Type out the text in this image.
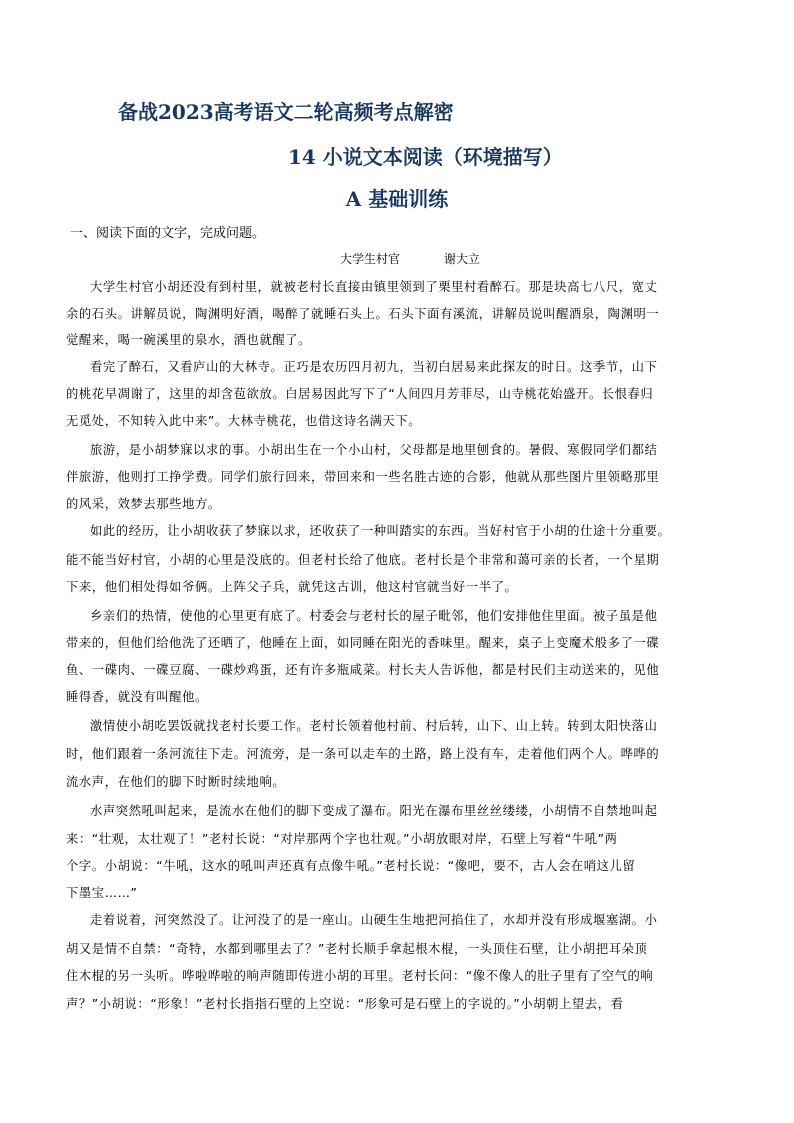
备战2023高考语文二轮高频考点解密
14 小说文本阅读（环境描写）
A 基础训练
一、阅读下面的文字，完成问题。
大学生村官	谢大立
大学生村官小胡还没有到村里，就被老村长直接由镇里领到了栗里村看醉石。那是块高七八尺，宽丈
余的石头。讲解员说，陶渊明好酒，喝醉了就睡石头上。石头下面有溪流，讲解员说叫醒酒泉，陶渊明一
觉醒来，喝一碗溪里的泉水，酒也就醒了。
看完了醉石，又看庐山的大林寺。正巧是农历四月初九，当初白居易来此探友的时日。这季节，山下
的桃花早凋谢了，这里的却含苞欲放。白居易因此写下了“人间四月芳菲尽，山寺桃花始盛开。长恨春归
无觅处，不知转入此中来”。大林寺桃花，也借这诗名满天下。
旅游，是小胡梦寐以求的事。小胡出生在一个小山村，父母都是地里刨食的。暑假、寒假同学们都结
伴旅游，他则打工挣学费。同学们旅行回来，带回来和一些名胜古迹的合影，他就从那些图片里领略那里
的风采，效梦去那些地方。
如此的经历，让小胡收获了梦寐以求，还收获了一种叫踏实的东西。当好村官于小胡的仕途十分重要。
能不能当好村官，小胡的心里是没底的。但老村长给了他底。老村长是个非常和蔼可亲的长者，一个星期
下来，他们相处得如爷俩。上阵父子兵，就凭这古训，他这村官就当好一半了。
乡亲们的热情，使他的心里更有底了。村委会与老村长的屋子毗邻，他们安排他住里面。被子虽是他
带来的，但他们给他洗了还晒了，他睡在上面，如同睡在阳光的香味里。醒来，桌子上变魔术般多了一碟
鱼、一碟肉、一碟豆腐、一碟炒鸡蛋，还有许多瓶咸菜。村长夫人告诉他，都是村民们主动送来的，见他
睡得香，就没有叫醒他。
激情使小胡吃罢饭就找老村长要工作。老村长领着他村前、村后转，山下、山上转。转到太阳快落山
时，他们跟着一条河流往下走。河流旁，是一条可以走车的土路，路上没有车，走着他们两个人。哗哗的
流水声，在他们的脚下时断时续地响。
水声突然吼叫起来，是流水在他们的脚下变成了瀑布。阳光在瀑布里丝丝缕缕，小胡情不自禁地叫起
来：“壮观，太壮观了！”老村长说：“对岸那两个字也壮观。”小胡放眼对岸，石壁上写着“牛吼”两
个字。小胡说：“牛吼，这水的吼叫声还真有点像牛吼。”老村长说：“像吧，要不，古人会在哨这儿留
下墨宝……”
走着说着，河突然没了。让河没了的是一座山。山硬生生地把河掐住了，水却并没有形成堰塞湖。小
胡又是情不自禁：“奇特，水都到哪里去了？”老村长顺手拿起根木棍，一头顶住石壁，让小胡把耳朵顶
住木棍的另一头听。哗啦哗啦的响声随即传进小胡的耳里。老村长问：“像不像人的肚子里有了空气的响
声？”小胡说：“形象！”老村长指指石壁的上空说：“形象可是石壁上的字说的。”小胡朝上望去，看
